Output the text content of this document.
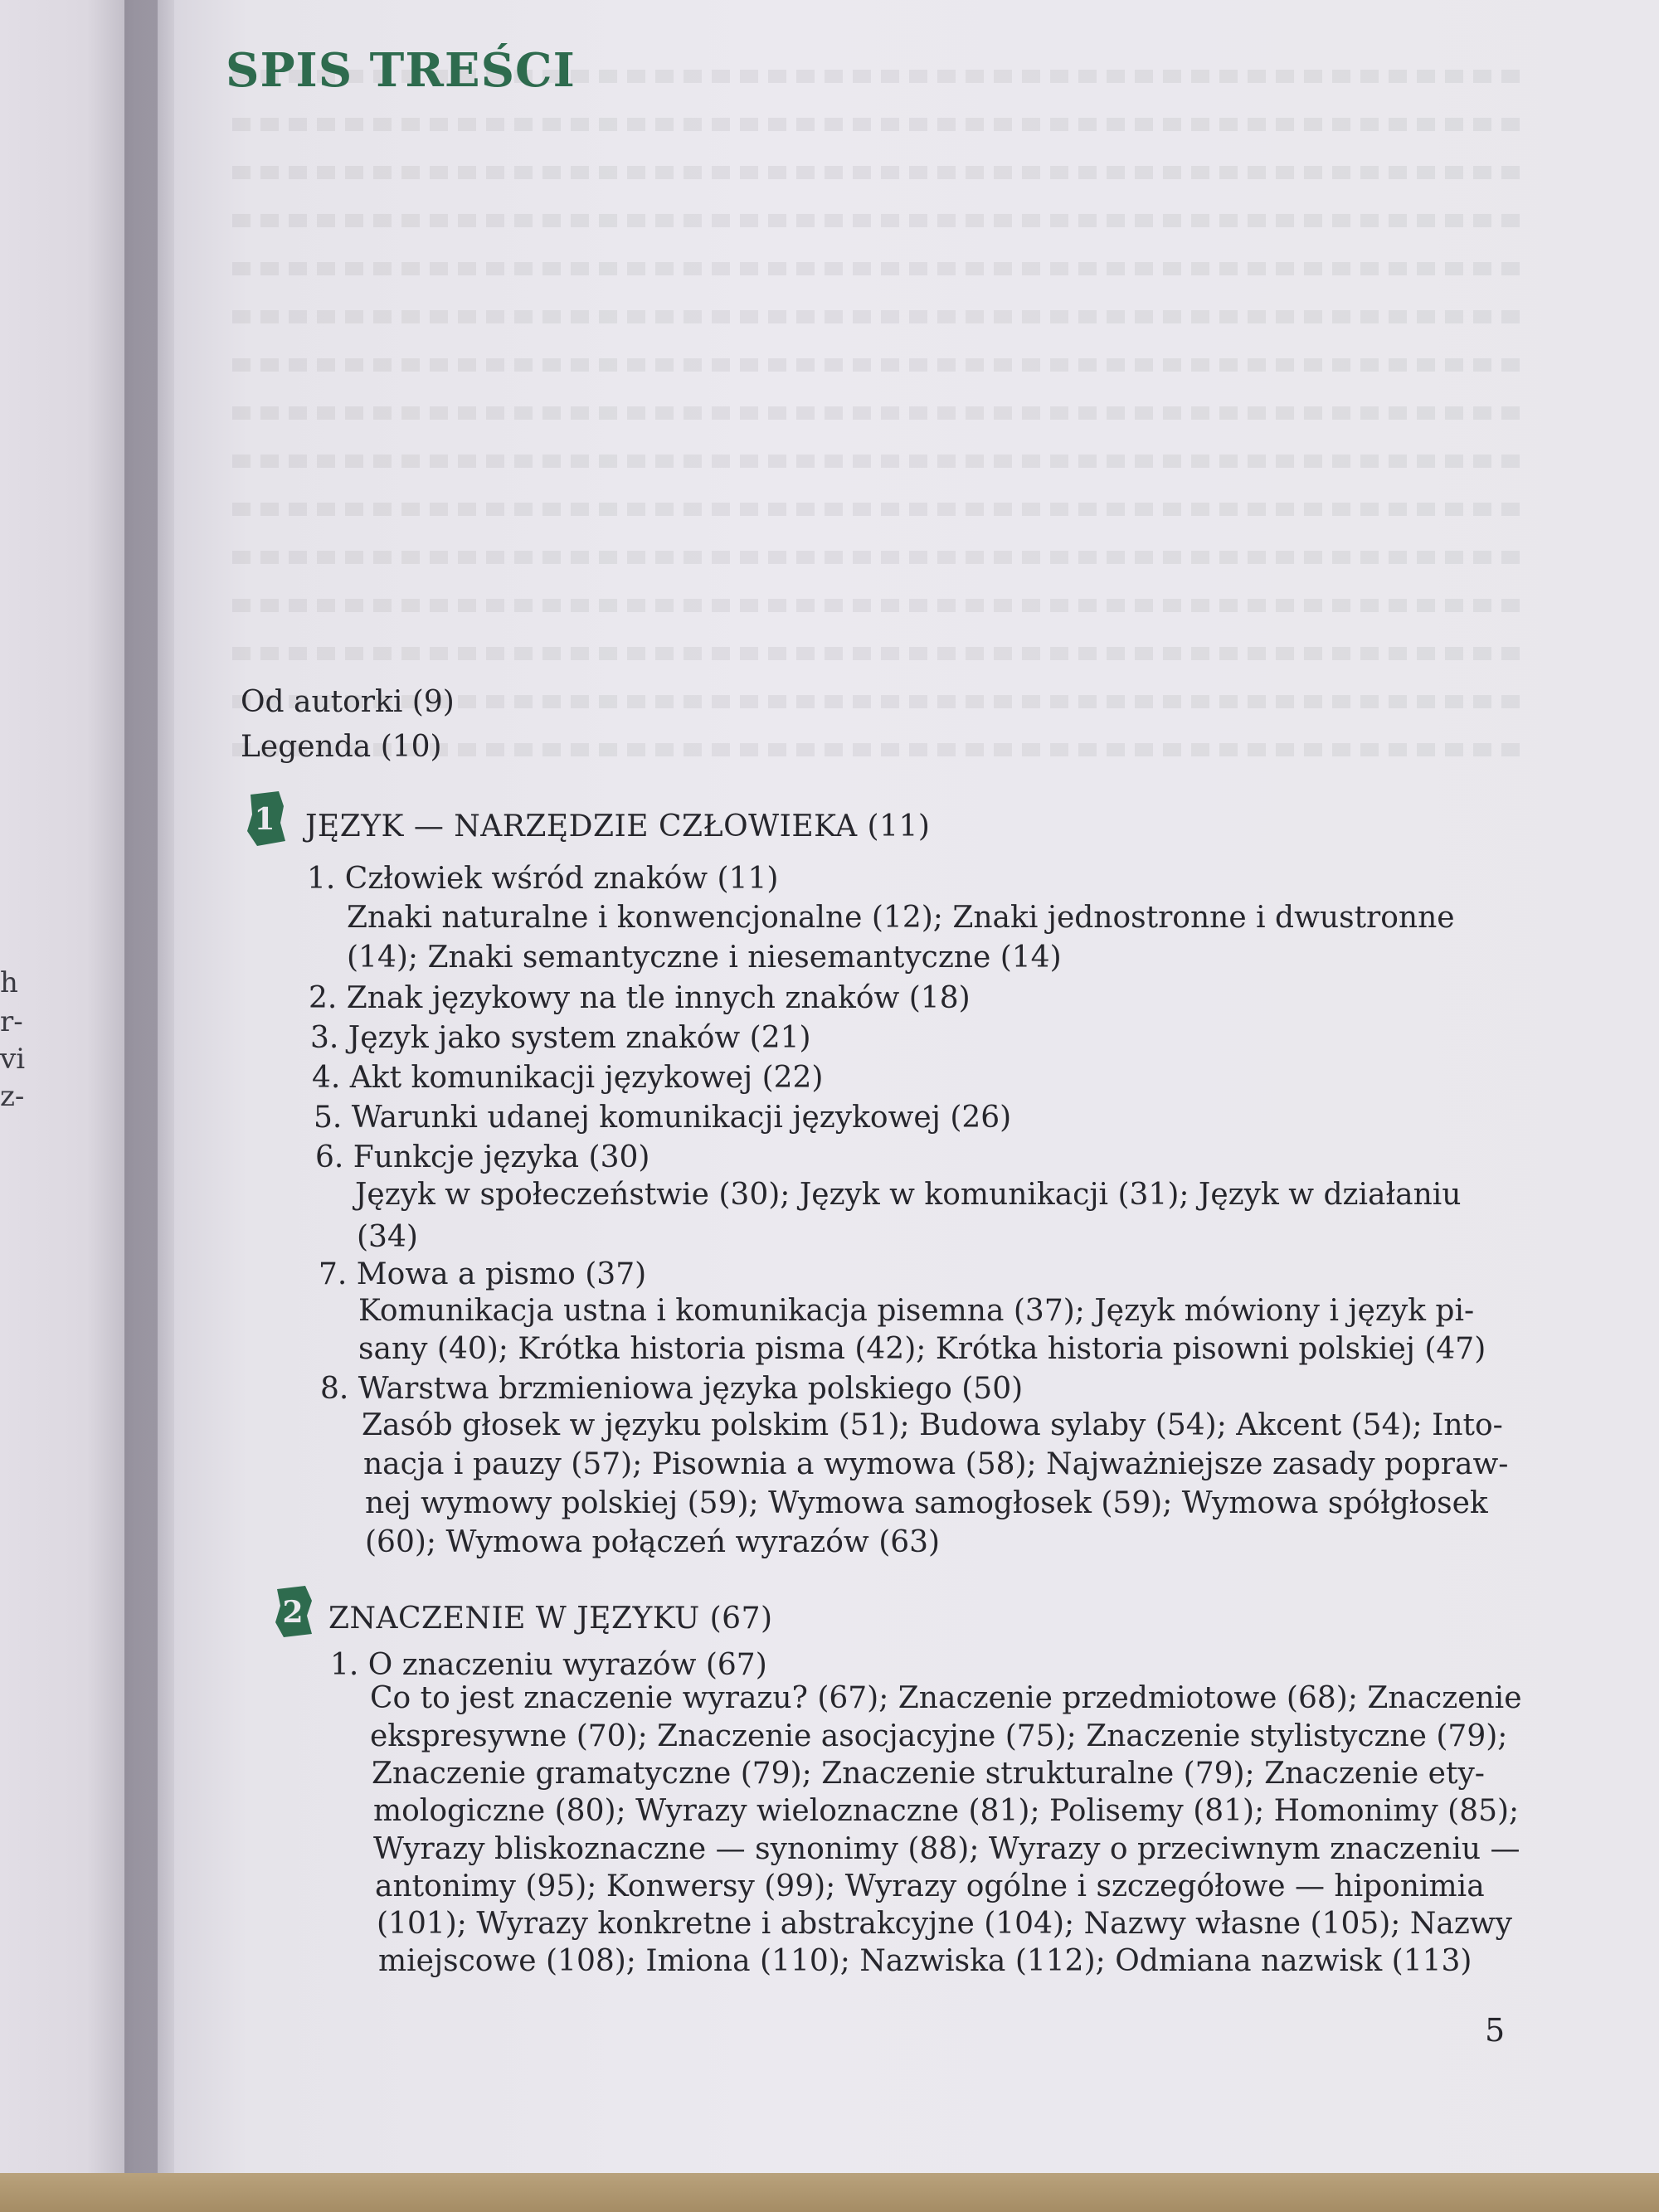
h
r-
vi
z-
SPIS TREŚCI
Od autorki (9)
Legenda (10)
1 JĘZYK — NARZĘDZIE CZŁOWIEKA (11)
1. Człowiek wśród znaków (11)
Znaki naturalne i konwencjonalne (12); Znaki jednostronne i dwustronne
(14); Znaki semantyczne i niesemantyczne (14)
2. Znak językowy na tle innych znaków (18)
3. Język jako system znaków (21)
4. Akt komunikacji językowej (22)
5. Warunki udanej komunikacji językowej (26)
6. Funkcje języka (30)
Język w społeczeństwie (30); Język w komunikacji (31); Język w działaniu
(34)
7. Mowa a pismo (37)
Komunikacja ustna i komunikacja pisemna (37); Język mówiony i język pi-
sany (40); Krótka historia pisma (42); Krótka historia pisowni polskiej (47)
8. Warstwa brzmieniowa języka polskiego (50)
Zasób głosek w języku polskim (51); Budowa sylaby (54); Akcent (54); Into-
nacja i pauzy (57); Pisownia a wymowa (58); Najważniejsze zasady popraw-
nej wymowy polskiej (59); Wymowa samogłosek (59); Wymowa spółgłosek
(60); Wymowa połączeń wyrazów (63)
2 ZNACZENIE W JĘZYKU (67)
1. O znaczeniu wyrazów (67)
Co to jest znaczenie wyrazu? (67); Znaczenie przedmiotowe (68); Znaczenie
ekspresywne (70); Znaczenie asocjacyjne (75); Znaczenie stylistyczne (79);
Znaczenie gramatyczne (79); Znaczenie strukturalne (79); Znaczenie ety-
mologiczne (80); Wyrazy wieloznaczne (81); Polisemy (81); Homonimy (85);
Wyrazy bliskoznaczne — synonimy (88); Wyrazy o przeciwnym znaczeniu —
antonimy (95); Konwersy (99); Wyrazy ogólne i szczegółowe — hiponimia
(101); Wyrazy konkretne i abstrakcyjne (104); Nazwy własne (105); Nazwy
miejscowe (108); Imiona (110); Nazwiska (112); Odmiana nazwisk (113)
5
